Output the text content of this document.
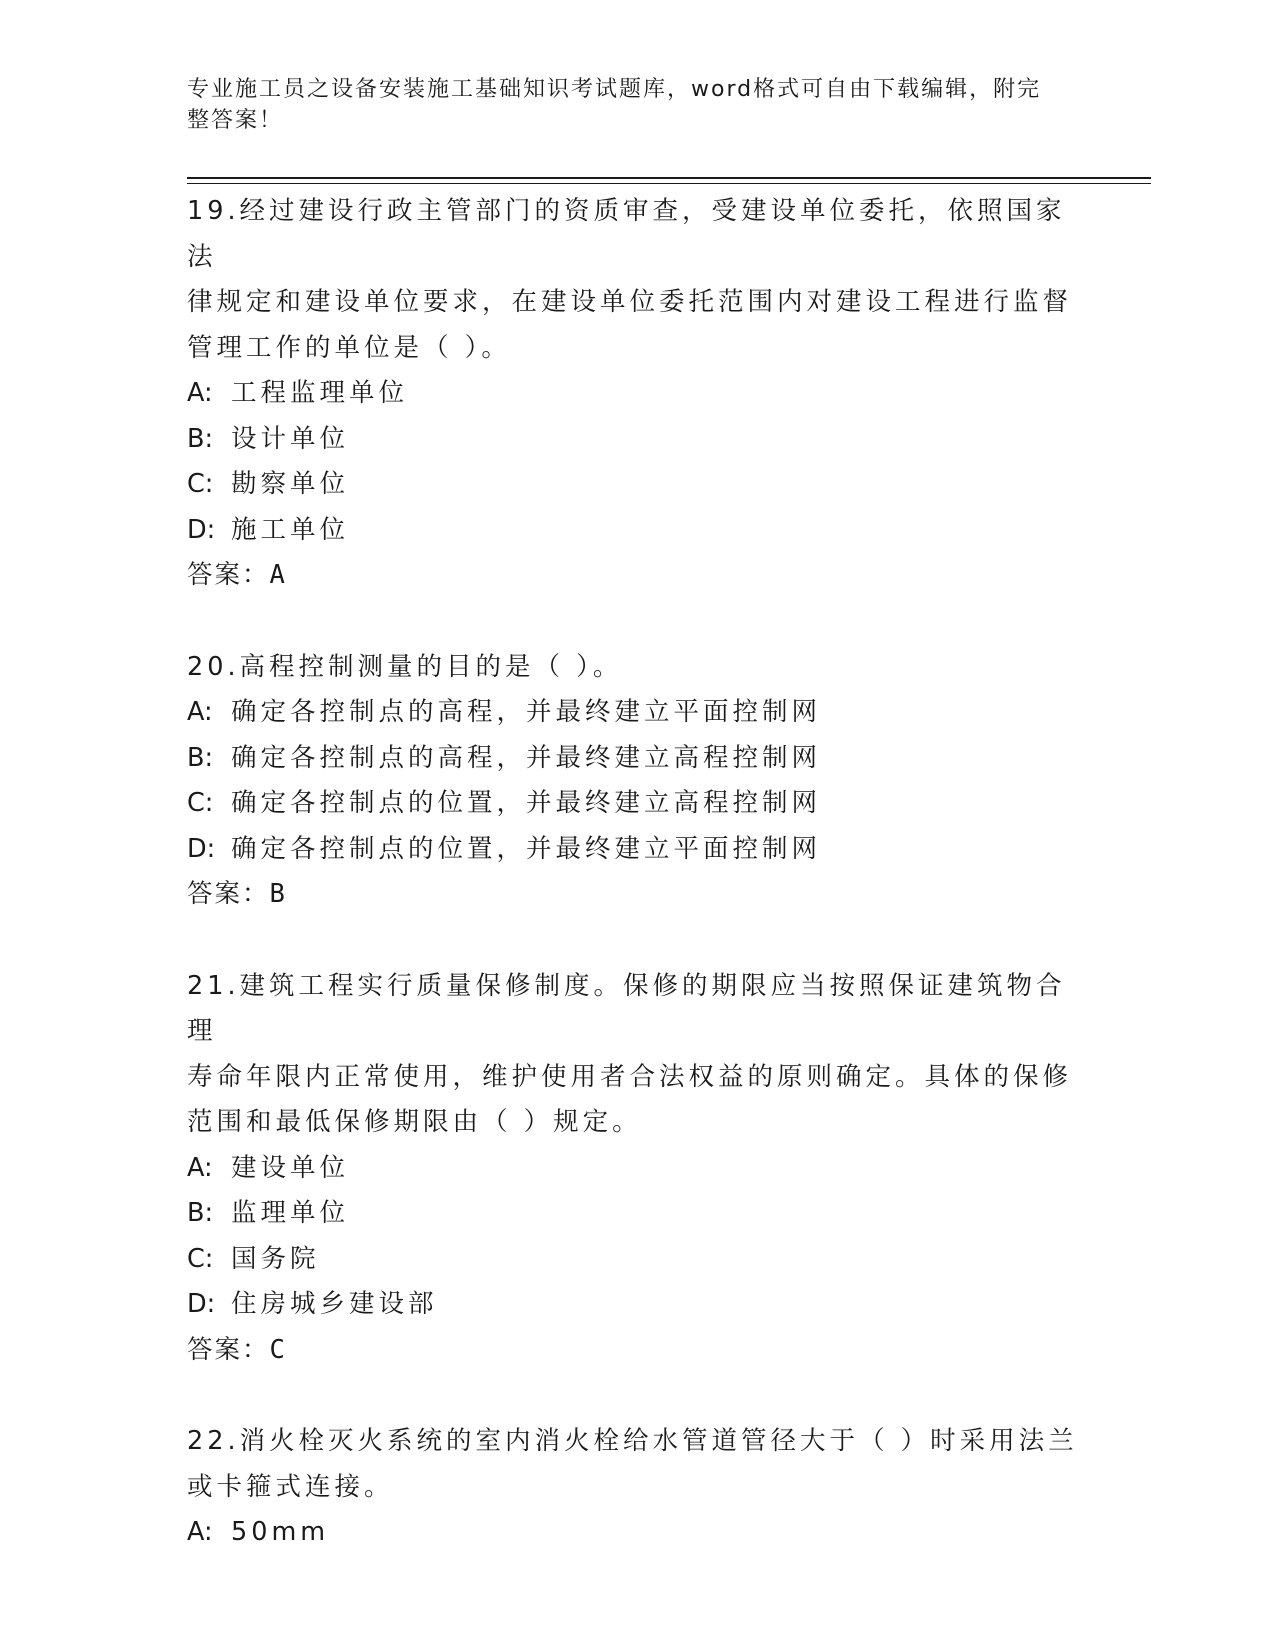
专业施工员之设备安装施工基础知识考试题库，word格式可自由下载编辑，附完
整答案！
19.经过建设行政主管部门的资质审查，受建设单位委托，依照国家法
律规定和建设单位要求，在建设单位委托范围内对建设工程进行监督
管理工作的单位是（ ）。
A: 工程监理单位
B: 设计单位
C: 勘察单位
D: 施工单位
答案：A
20.高程控制测量的目的是（ ）。
A: 确定各控制点的高程，并最终建立平面控制网
B: 确定各控制点的高程，并最终建立高程控制网
C: 确定各控制点的位置，并最终建立高程控制网
D: 确定各控制点的位置，并最终建立平面控制网
答案：B
21.建筑工程实行质量保修制度。保修的期限应当按照保证建筑物合理
寿命年限内正常使用，维护使用者合法权益的原则确定。具体的保修
范围和最低保修期限由（ ）规定。
A: 建设单位
B: 监理单位
C: 国务院
D: 住房城乡建设部
答案：C
22.消火栓灭火系统的室内消火栓给水管道管径大于（ ）时采用法兰
或卡箍式连接。
A: 50mm
